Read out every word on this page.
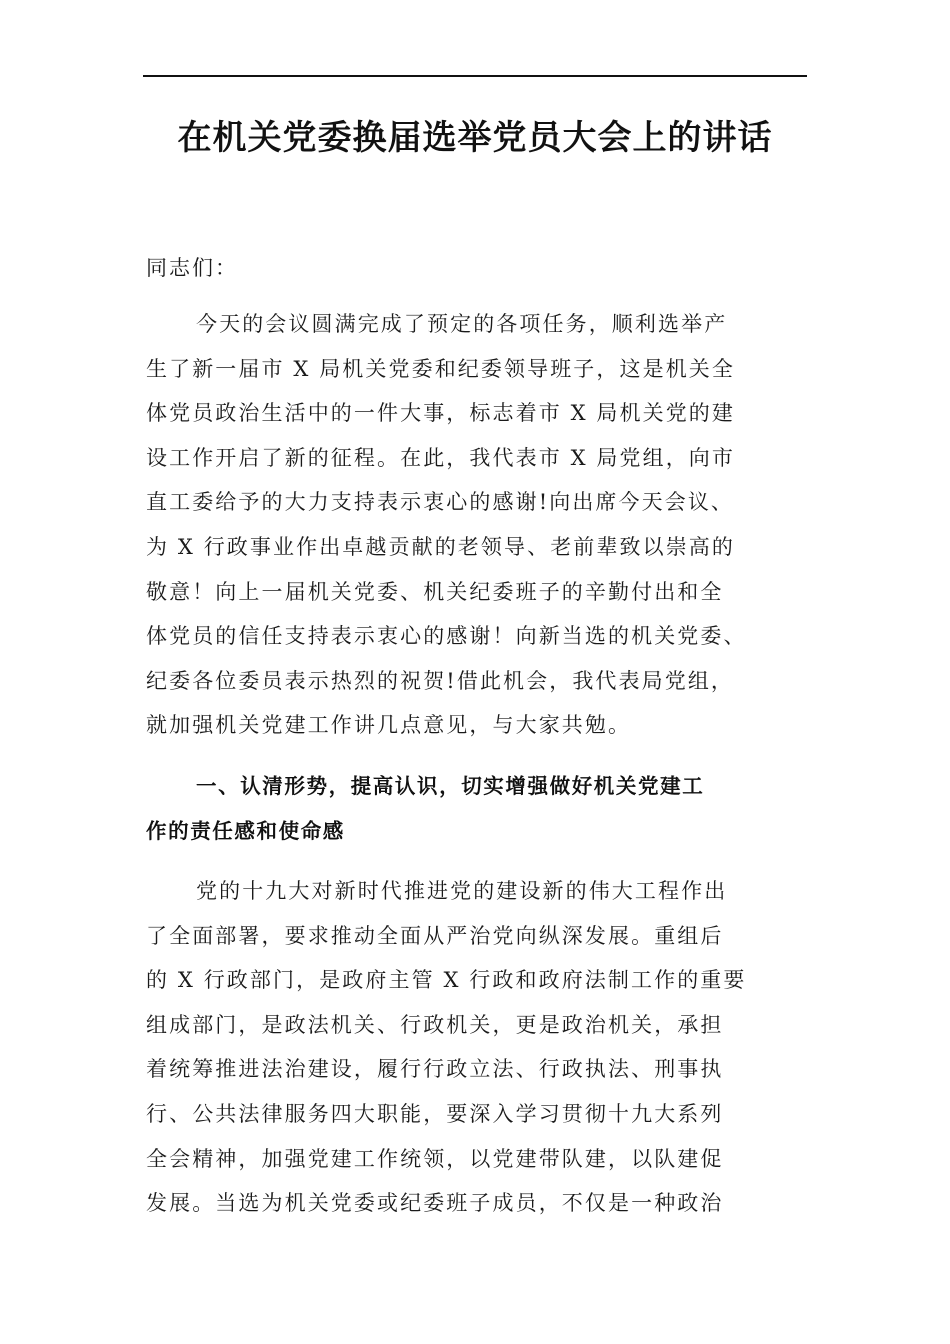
在机关党委换届选举党员大会上的讲话
同志们：
今天的会议圆满完成了预定的各项任务，顺利选举产
生了新一届市 X 局机关党委和纪委领导班子，这是机关全
体党员政治生活中的一件大事，标志着市 X 局机关党的建
设工作开启了新的征程。在此，我代表市 X 局党组，向市
直工委给予的大力支持表示衷心的感谢!向出席今天会议、
为 X 行政事业作出卓越贡献的老领导、老前辈致以崇高的
敬意！向上一届机关党委、机关纪委班子的辛勤付出和全
体党员的信任支持表示衷心的感谢！向新当选的机关党委、
纪委各位委员表示热烈的祝贺!借此机会，我代表局党组，
就加强机关党建工作讲几点意见，与大家共勉。
一、认清形势，提高认识，切实增强做好机关党建工
作的责任感和使命感
党的十九大对新时代推进党的建设新的伟大工程作出
了全面部署，要求推动全面从严治党向纵深发展。重组后
的 X 行政部门，是政府主管 X 行政和政府法制工作的重要
组成部门，是政法机关、行政机关，更是政治机关，承担
着统筹推进法治建设，履行行政立法、行政执法、刑事执
行、公共法律服务四大职能，要深入学习贯彻十九大系列
全会精神，加强党建工作统领，以党建带队建，以队建促
发展。当选为机关党委或纪委班子成员，不仅是一种政治
